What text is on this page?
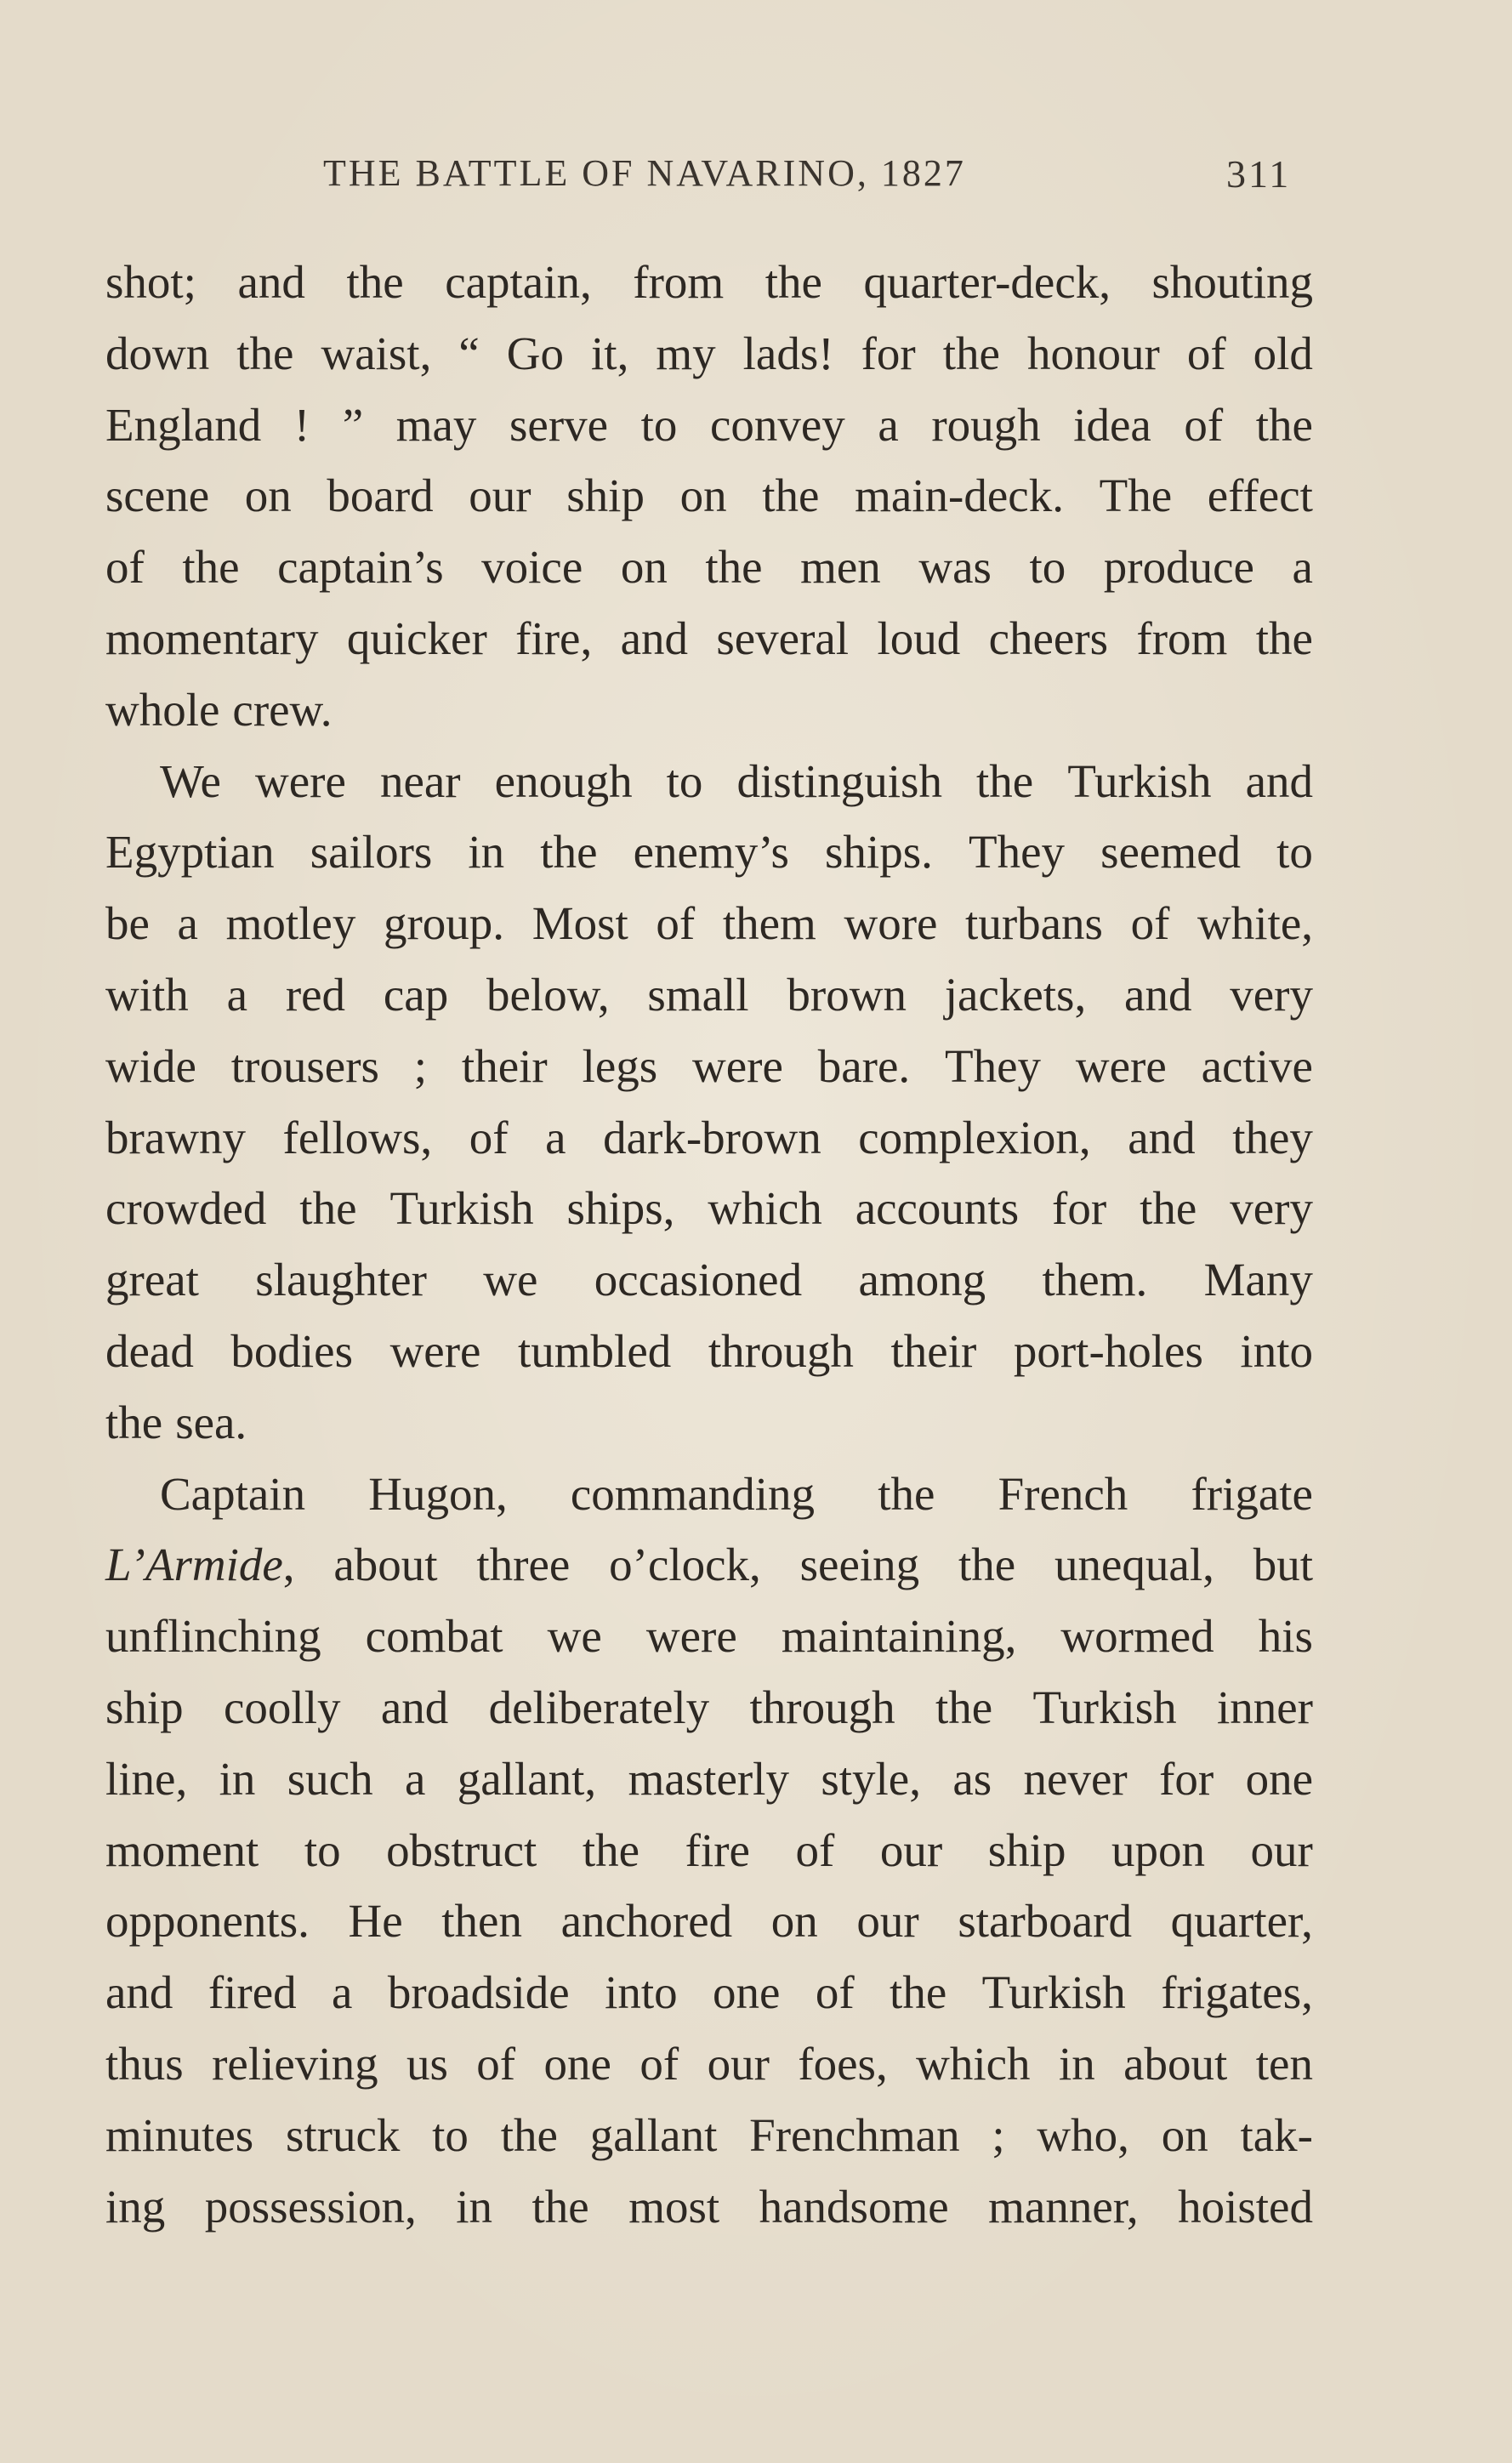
THE BATTLE OF NAVARINO, 1827	311
shot; and the captain, from the quarter-deck, shouting
down the waist, “ Go it, my lads! for the honour of old
England ! ” may serve to convey a rough idea of the
scene on board our ship on the main-deck. The effect
of the captain’s voice on the men was to produce a
momentary quicker fire, and several loud cheers from the
whole crew.
We were near enough to distinguish the Turkish and
Egyptian sailors in the enemy’s ships. They seemed to
be a motley group. Most of them wore turbans of white,
with a red cap below, small brown jackets, and very
wide trousers ; their legs were bare. They were active
brawny fellows, of a dark-brown complexion, and they
crowded the Turkish ships, which accounts for the very
great slaughter we occasioned among them. Many
dead bodies were tumbled through their port-holes into
the sea.
Captain Hugon, commanding the French frigate
L’Armide, about three o’clock, seeing the unequal, but
unflinching combat we were maintaining, wormed his
ship coolly and deliberately through the Turkish inner
line, in such a gallant, masterly style, as never for one
moment to obstruct the fire of our ship upon our
opponents. He then anchored on our starboard quarter,
and fired a broadside into one of the Turkish frigates,
thus relieving us of one of our foes, which in about ten
minutes struck to the gallant Frenchman ; who, on tak-
ing possession, in the most handsome manner, hoisted
